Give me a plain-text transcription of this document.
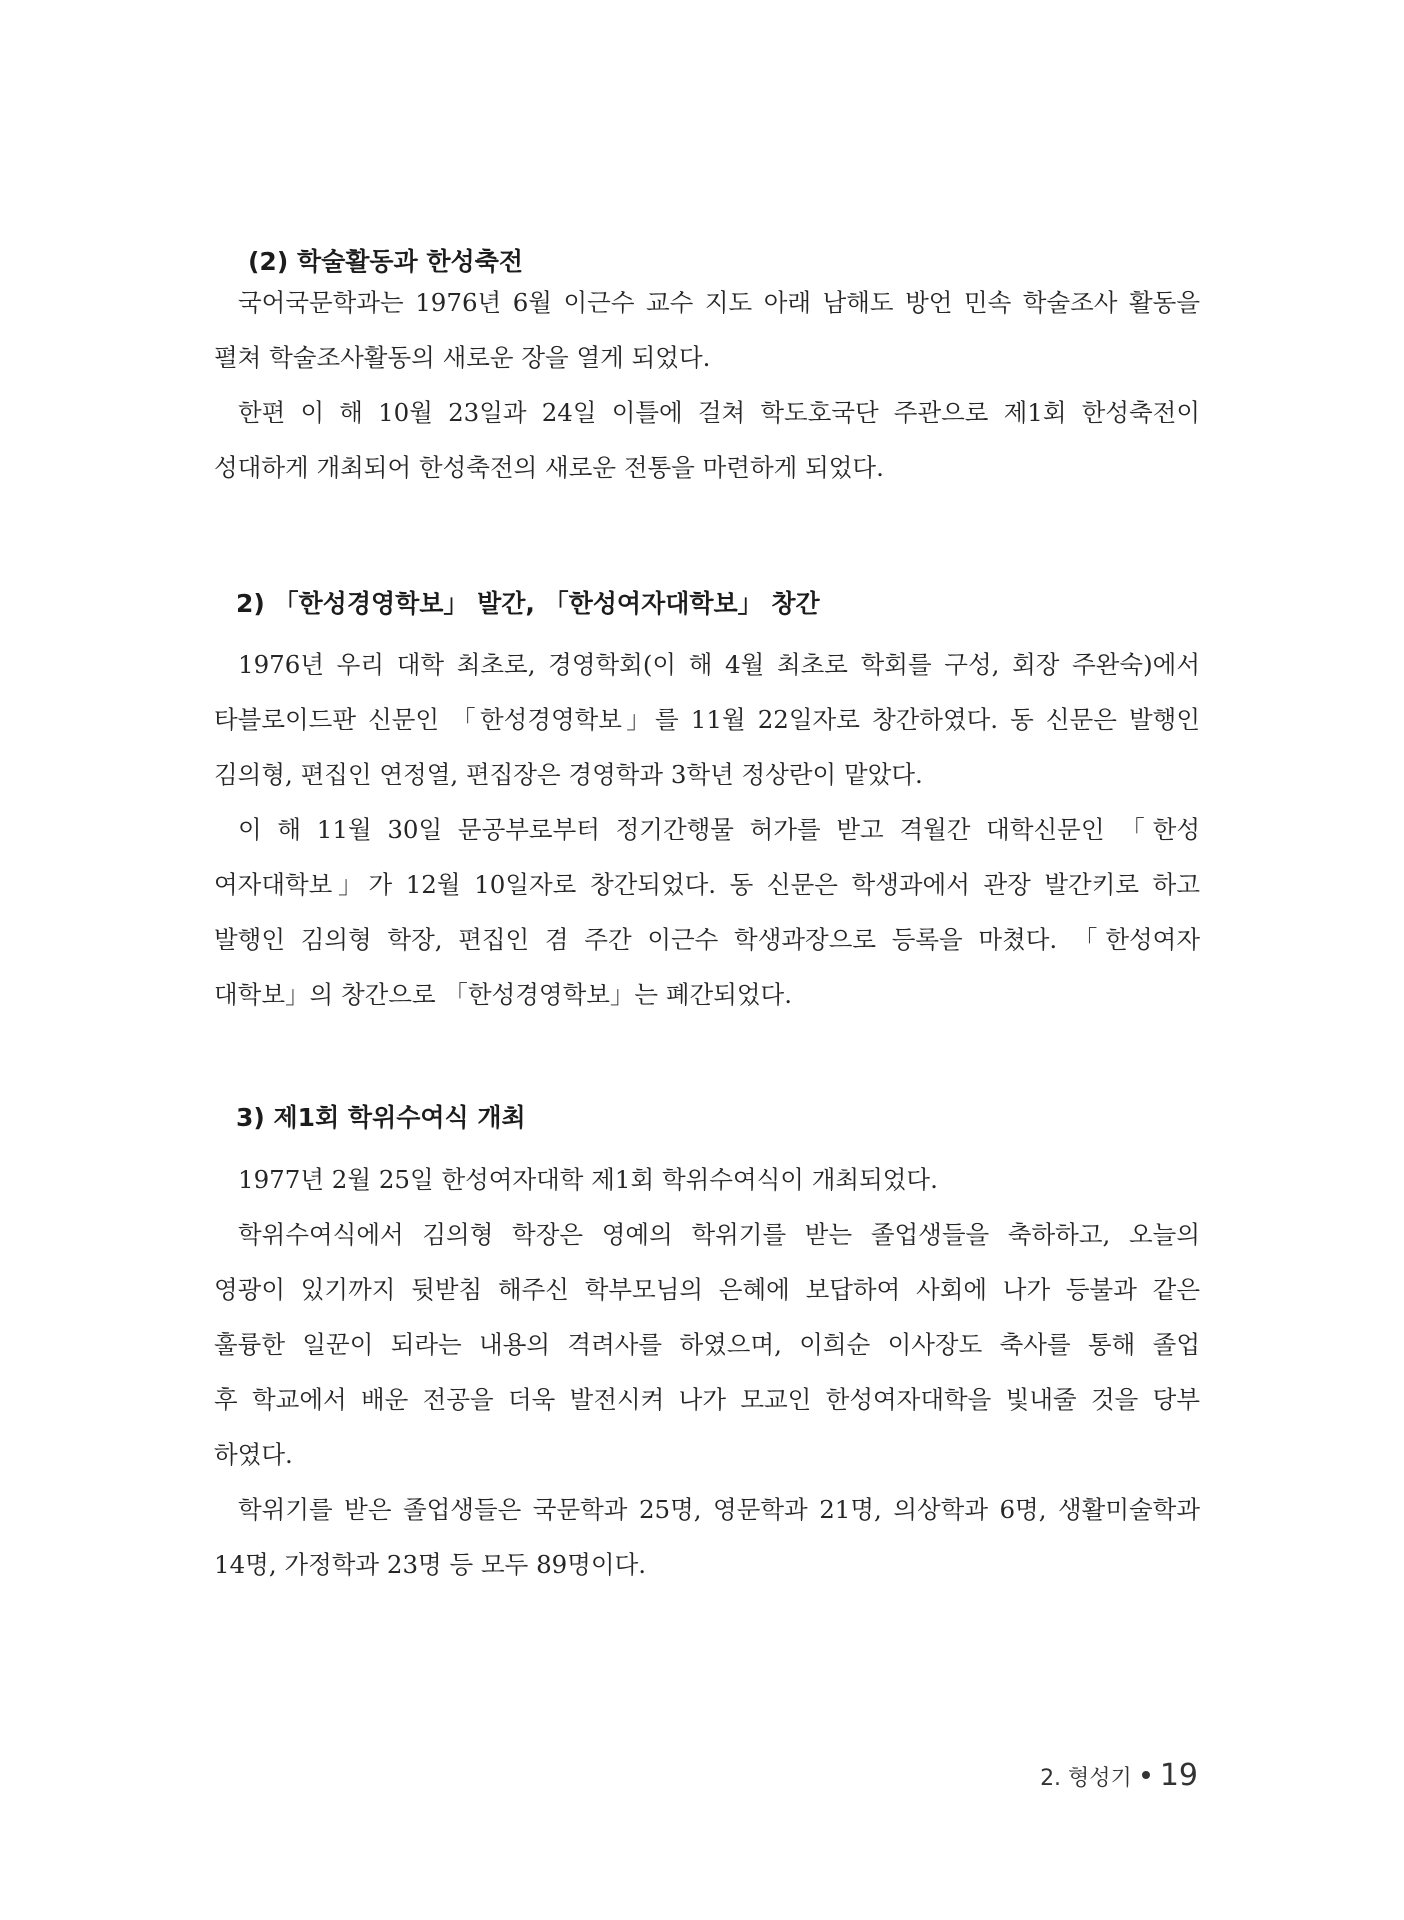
(2) 학술활동과 한성축전

국어국문학과는 1976년 6월 이근수 교수 지도 아래 남해도 방언 민속 학술조사 활동을

펼쳐 학술조사활동의 새로운 장을 열게 되었다.

한편 이 해 10월 23일과 24일 이틀에 걸쳐 학도호국단 주관으로 제1회 한성축전이

성대하게 개최되어 한성축전의 새로운 전통을 마련하게 되었다.

2) 「한성경영학보」 발간, 「한성여자대학보」 창간

1976년 우리 대학 최초로, 경영학회(이 해 4월 최초로 학회를 구성, 회장 주완숙)에서

타블로이드판 신문인 「한성경영학보」를 11월 22일자로 창간하였다. 동 신문은 발행인

김의형, 편집인 연정열, 편집장은 경영학과 3학년 정상란이 맡았다.

이 해 11월 30일 문공부로부터 정기간행물 허가를 받고 격월간 대학신문인 「한성

여자대학보」가 12월 10일자로 창간되었다. 동 신문은 학생과에서 관장 발간키로 하고

발행인 김의형 학장, 편집인 겸 주간 이근수 학생과장으로 등록을 마쳤다. 「한성여자

대학보」의 창간으로 「한성경영학보」는 폐간되었다.

3) 제1회 학위수여식 개최

1977년 2월 25일 한성여자대학 제1회 학위수여식이 개최되었다.

학위수여식에서 김의형 학장은 영예의 학위기를 받는 졸업생들을 축하하고, 오늘의

영광이 있기까지 뒷받침 해주신 학부모님의 은혜에 보답하여 사회에 나가 등불과 같은

훌륭한 일꾼이 되라는 내용의 격려사를 하였으며, 이희순 이사장도 축사를 통해 졸업

후 학교에서 배운 전공을 더욱 발전시켜 나가 모교인 한성여자대학을 빛내줄 것을 당부

하였다.

학위기를 받은 졸업생들은 국문학과 25명, 영문학과 21명, 의상학과 6명, 생활미술학과

14명, 가정학과 23명 등 모두 89명이다.

2. 형성기 19
